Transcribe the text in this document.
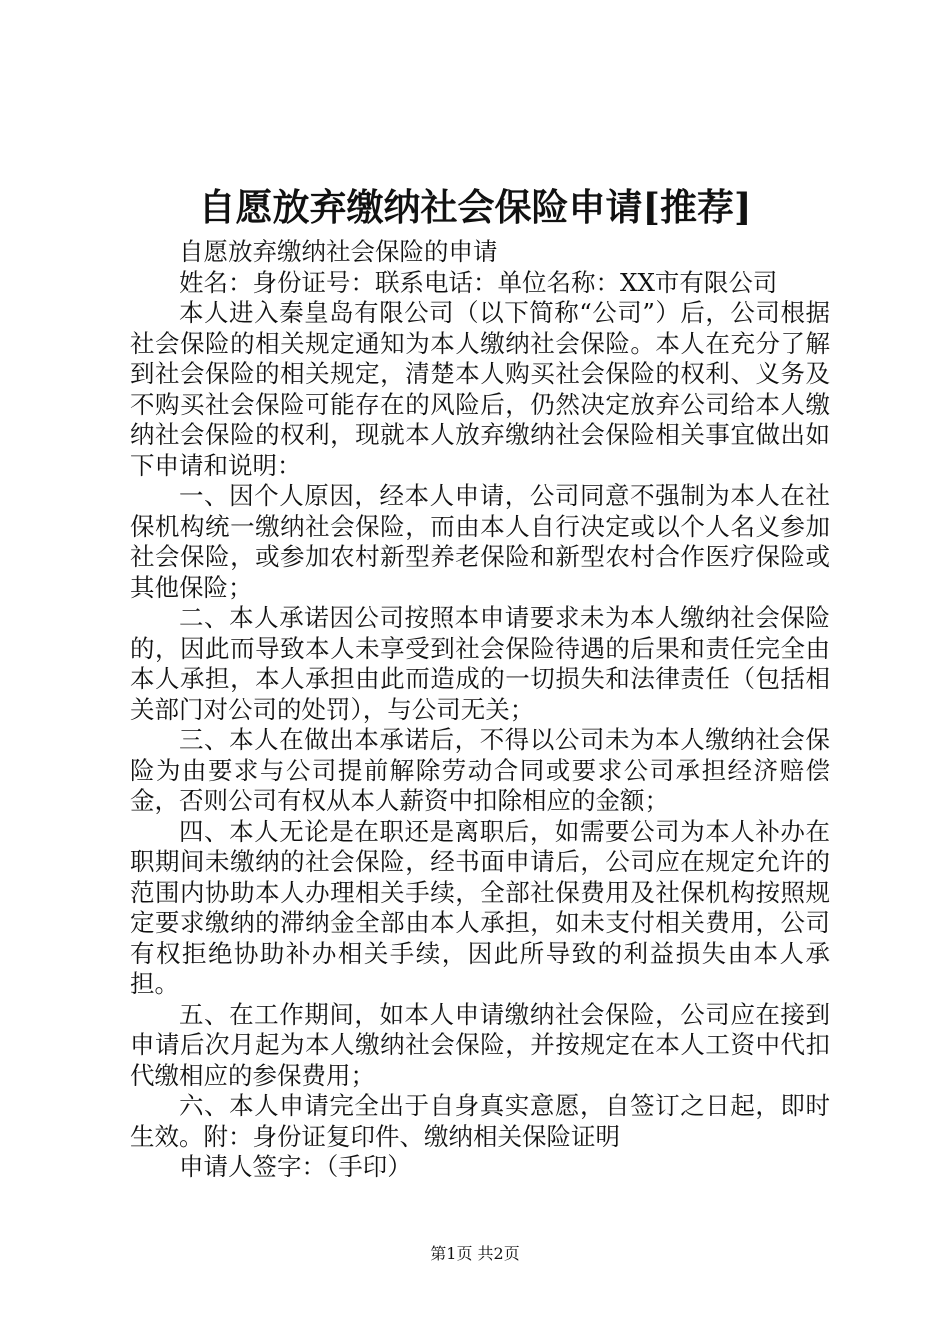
自愿放弃缴纳社会保险申请[推荐]

自愿放弃缴纳社会保险的申请

姓名：身份证号：联系电话：单位名称：XX市有限公司

本人进入秦皇岛有限公司（以下简称“公司”）后，公司根据社会保险的相关规定通知为本人缴纳社会保险。本人在充分了解到社会保险的相关规定，清楚本人购买社会保险的权利、义务及不购买社会保险可能存在的风险后，仍然决定放弃公司给本人缴纳社会保险的权利，现就本人放弃缴纳社会保险相关事宜做出如下申请和说明：

一、因个人原因，经本人申请，公司同意不强制为本人在社保机构统一缴纳社会保险，而由本人自行决定或以个人名义参加社会保险，或参加农村新型养老保险和新型农村合作医疗保险或其他保险；

二、本人承诺因公司按照本申请要求未为本人缴纳社会保险的，因此而导致本人未享受到社会保险待遇的后果和责任完全由本人承担，本人承担由此而造成的一切损失和法律责任（包括相关部门对公司的处罚），与公司无关；

三、本人在做出本承诺后，不得以公司未为本人缴纳社会保险为由要求与公司提前解除劳动合同或要求公司承担经济赔偿金，否则公司有权从本人薪资中扣除相应的金额；

四、本人无论是在职还是离职后，如需要公司为本人补办在职期间未缴纳的社会保险，经书面申请后，公司应在规定允许的范围内协助本人办理相关手续，全部社保费用及社保机构按照规定要求缴纳的滞纳金全部由本人承担，如未支付相关费用，公司有权拒绝协助补办相关手续，因此所导致的利益损失由本人承担。

五、在工作期间，如本人申请缴纳社会保险，公司应在接到申请后次月起为本人缴纳社会保险，并按规定在本人工资中代扣代缴相应的参保费用；

六、本人申请完全出于自身真实意愿，自签订之日起，即时生效。附：身份证复印件、缴纳相关保险证明

申请人签字：（手印）

第1页 共2页
